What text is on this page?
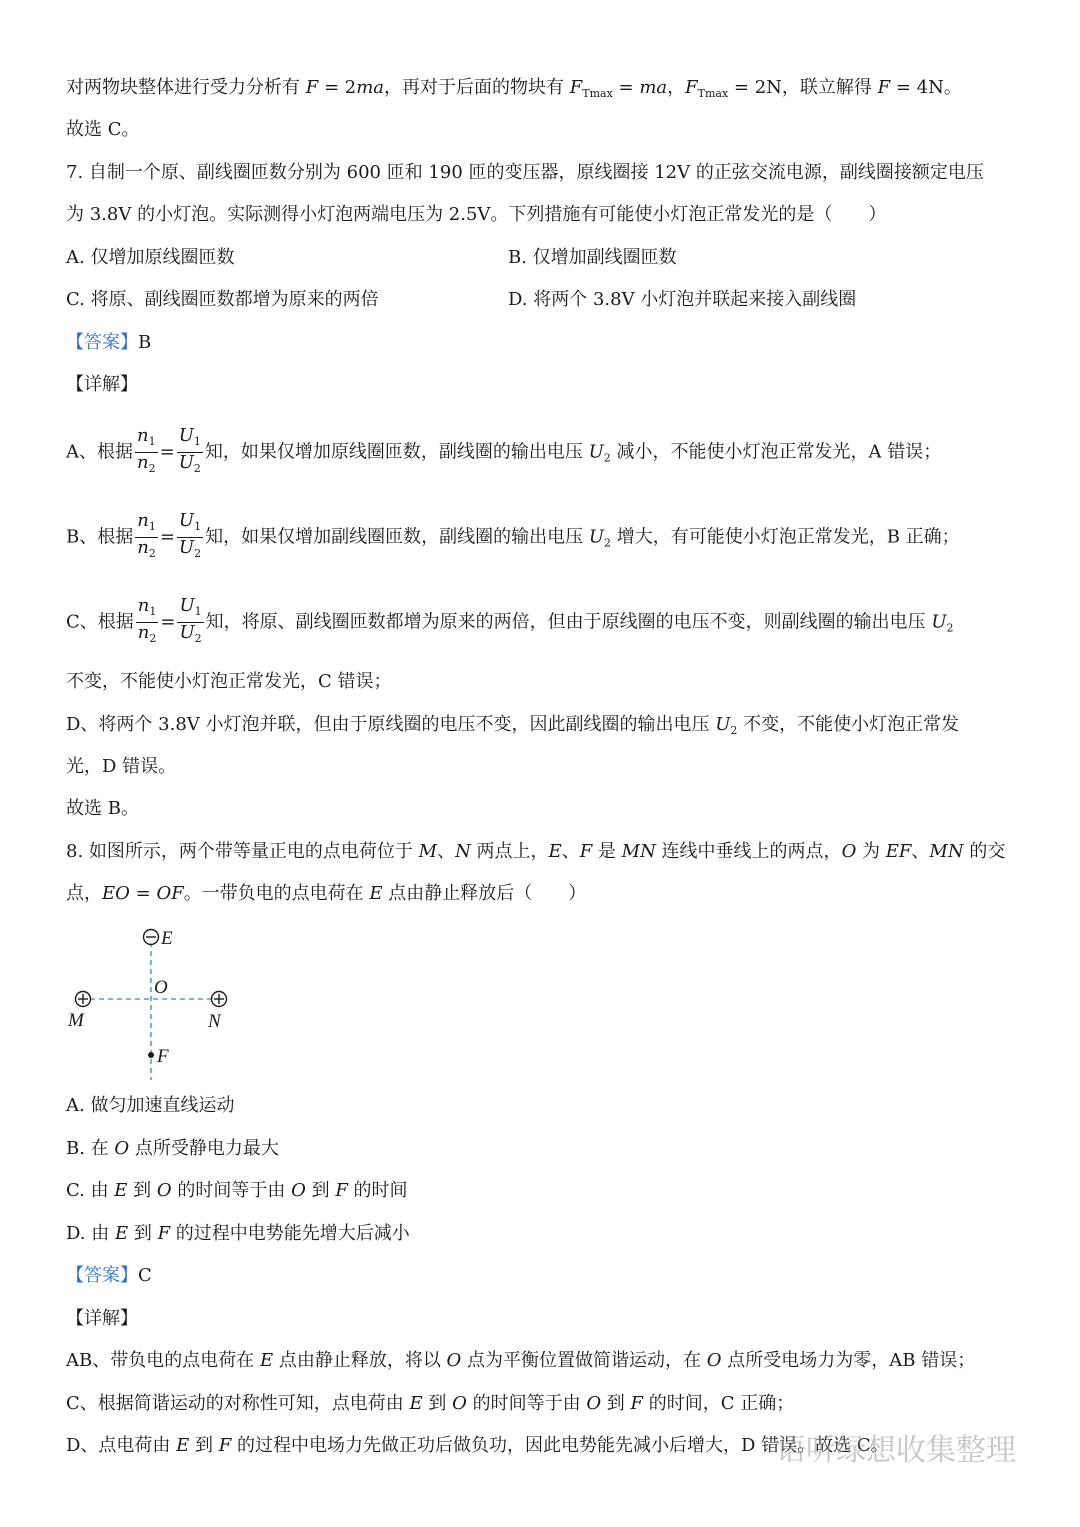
对两物块整体进行受力分析有 F = 2ma，再对于后面的物块有 $F_{Tmax}$ = ma，$F_{Tmax} = 2N$，联立解得 F = 4N。
故选 C。
7. 自制一个原、副线圈匝数分别为 600 匝和 190 匝的变压器，原线圈接 12V 的正弦交流电源，副线圈接额定电压
为 3.8V 的小灯泡。实际测得小灯泡两端电压为 2.5V。下列措施有可能使小灯泡正常发光的是（　　）
A. 仅增加原线圈匝数	B. 仅增加副线圈匝数
C. 将原、副线圈匝数都增为原来的两倍	D. 将两个 3.8V 小灯泡并联起来接入副线圈
【答案】B
【详解】
A、根据 $\frac{n_1}{n_2} = \frac{U_1}{U_2}$ 知，如果仅增加原线圈匝数，副线圈的输出电压 $U_2$ 减小，不能使小灯泡正常发光，A 错误；
B、根据 $\frac{n_1}{n_2} = \frac{U_1}{U_2}$ 知，如果仅增加副线圈匝数，副线圈的输出电压 $U_2$ 增大，有可能使小灯泡正常发光，B 正确；
C、根据 $\frac{n_1}{n_2} = \frac{U_1}{U_2}$ 知，将原、副线圈匝数都增为原来的两倍，但由于原线圈的电压不变，则副线圈的输出电压 $U_2$
不变，不能使小灯泡正常发光，C 错误；
D、将两个 3.8V 小灯泡并联，但由于原线圈的电压不变，因此副线圈的输出电压 $U_2$ 不变，不能使小灯泡正常发
光，D 错误。
故选 B。
8. 如图所示，两个带等量正电的点电荷位于 M、N 两点上，E、F 是 MN 连线中垂线上的两点，O 为 EF、MN 的交
点，EO = OF。一带负电的点电荷在 E 点由静止释放后（　　）
E
O
M	N
F
A. 做匀加速直线运动
B. 在 O 点所受静电力最大
C. 由 E 到 O 的时间等于由 O 到 F 的时间
D. 由 E 到 F 的过程中电势能先增大后减小
【答案】C
【详解】
AB、带负电的点电荷在 E 点由静止释放，将以 O 点为平衡位置做简谐运动，在 O 点所受电场力为零，AB 错误；
C、根据简谐运动的对称性可知，点电荷由 E 到 O 的时间等于由 O 到 F 的时间，C 正确；
D、点电荷由 E 到 F 的过程中电场力先做正功后做负功，因此电势能先减小后增大，D 错误。故选 C。
语听绿想收集整理
